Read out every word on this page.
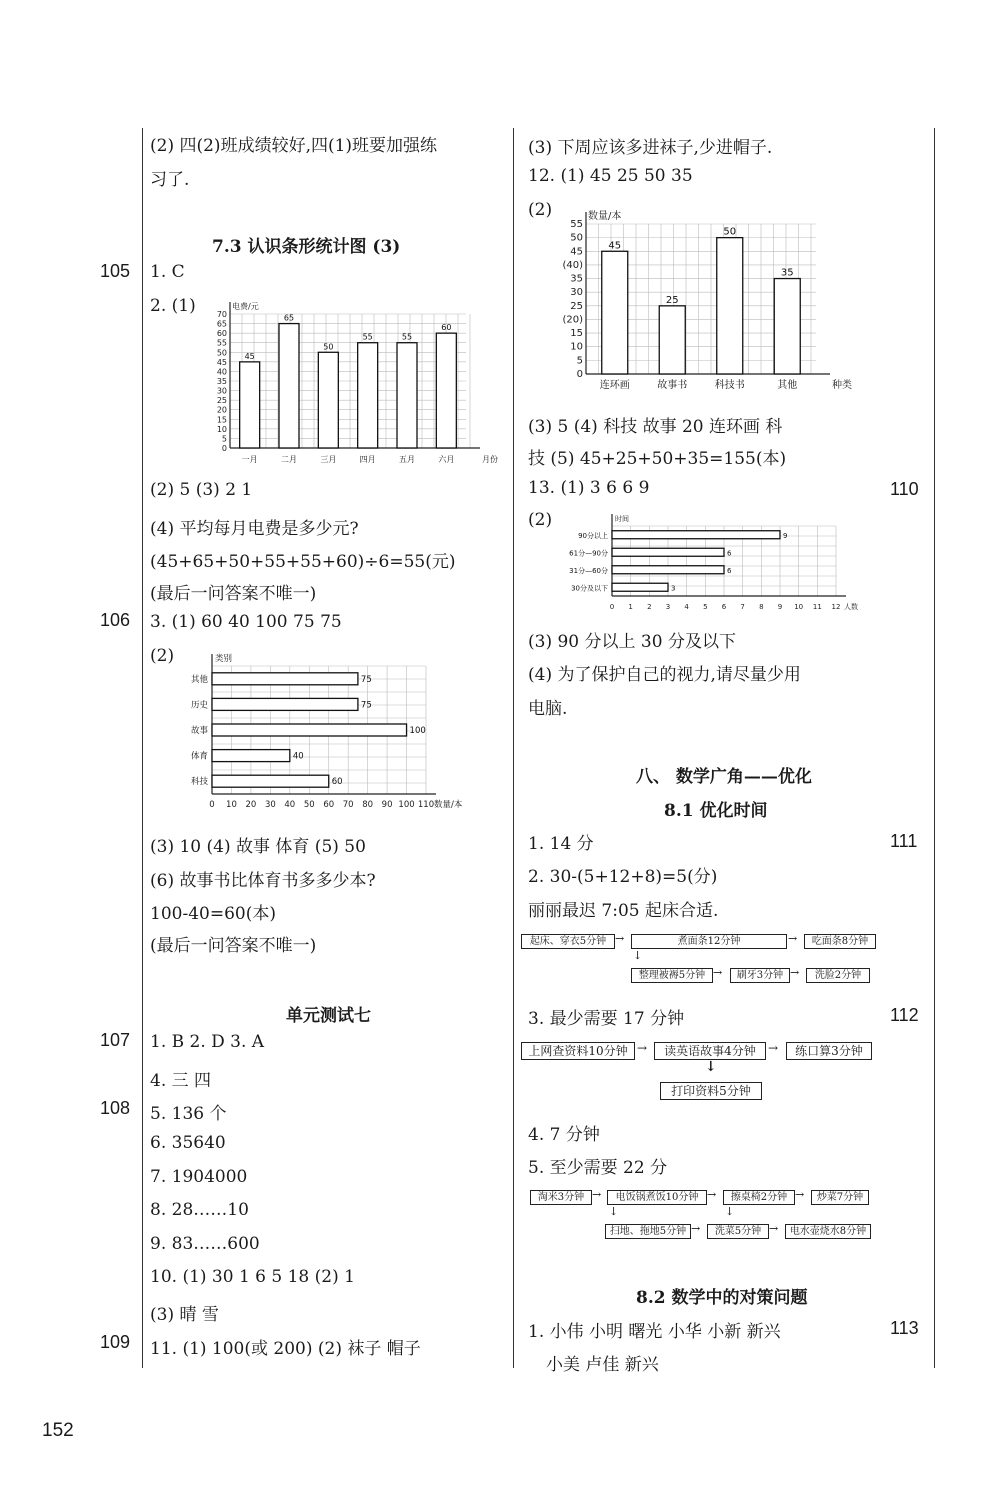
105
106
107
108
109
110
111
112
113
152
(2) 四(2)班成绩较好,四(1)班要加强练
习了.
7.3 认识条形统计图 (3)
1. C
2. (1)
0
5
10
15
20
25
30
35
40
45
50
55
60
65
70
电费/元
月份
45
一月
65
二月
50
三月
55
四月
55
五月
60
六月
(2) 5 (3) 2 1
(4) 平均每月电费是多少元?
(45+65+50+55+55+60)÷6=55(元)
(最后一问答案不唯一)
3. (1) 60 40 100 75 75
(2)
0 10 20 30 40 50 60 70 80 90 100 110
类别
数量/本
75
其他
75
历史
100
故事
40
体育
60
科技
(3) 10 (4) 故事 体育 (5) 50
(6) 故事书比体育书多多少本?
100-40=60(本)
(最后一问答案不唯一)
单元测试七
1. B 2. D 3. A
4. 三 四
5. 136 个
6. 35640
7. 1904000
8. 28……10
9. 83……600
10. (1) 30 1 6 5 18 (2) 1
(3) 晴 雪
11. (1) 100(或 200) (2) 袜子 帽子
(3) 下周应该多进袜子,少进帽子.
12. (1) 45 25 50 35
(2)
0
5
10
15
(20)
25
30
35
(40)
45
50
55
数量/本
种类
45
连环画
25
故事书
50
科技书
35
其他
(3) 5 (4) 科技 故事 20 连环画 科
技 (5) 45+25+50+35=155(本)
13. (1) 3 6 6 9
(2)
0 1 2 3 4 5 6 7 8 9 10 11 12
时间
人数
9
90分以上
6
61分—90分
6
31分—60分
3
30分及以下
(3) 90 分以上 30 分及以下
(4) 为了保护自己的视力,请尽量少用
电脑.
八、 数学广角——优化
8.1 优化时间
1. 14 分
2. 30-(5+12+8)=5(分)
丽丽最迟 7:05 起床合适.
起床、穿衣5分钟 →	煮面条12分钟	→	吃面条8分钟
↓
整理被褥5分钟 →	刷牙3分钟 →	洗脸2分钟
3. 最少需要 17 分钟
上网查资料10分钟 →	读英语故事4分钟	→	练口算3分钟
↓
打印资料5分钟
4. 7 分钟
5. 至少需要 22 分
淘米3分钟 →	电饭锅煮饭10分钟 →	擦桌椅2分钟 →	炒菜7分钟
↓	↓
扫地、拖地5分钟 →	洗菜5分钟 →	电水壶烧水8分钟
8.2 数学中的对策问题
1. 小伟 小明 曙光 小华 小新 新兴
小美 卢佳 新兴
